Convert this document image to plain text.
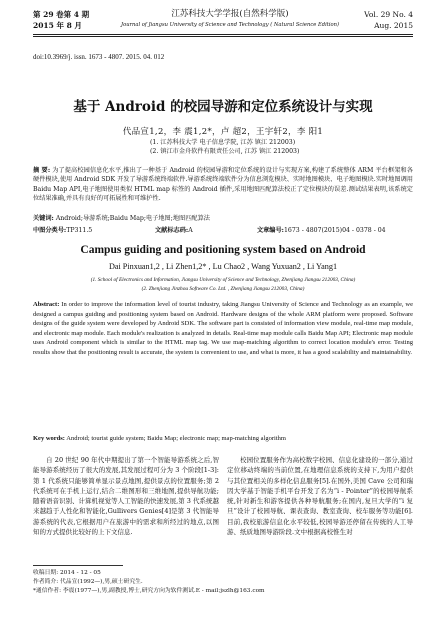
第 29 卷第 4 期
2015 年 8 月
江苏科技大学学报(自然科学版)
Journal of Jiangsu University of Science and Technology ( Natural Science Edition)
Vol. 29 No. 4
Aug. 2015
doi:10.3969/j. issn. 1673 - 4807. 2015. 04. 012
基于 Android 的校园导游和定位系统设计与实现
代品宣1,2，李 震1,2*，卢 超2，王宇轩2，李 阳1
(1. 江苏科技大学 电子信息学院, 江苏 镇江 212003)
(2. 镇江市金舟软件有限责任公司, 江苏 镇江 212003)
摘 要: 为了提高校园信息化水平,推出了一种基于 Android 的校园导游和定位系统的设计与实现方案,构建了系统整体 ARM 平台框架和各硬件模块,使用 Android SDK 开发了导游系统终端软件.导游系统终端软件分为信息浏览模块、实时地图模块、电子地图模块.实时地图调用 Baidu Map API,电子地图使用类似 HTML map 标签的 Android 插件,采用地图匹配算法校正了定位模块的误差.测试结果表明,该系统定位结果准确,并具有良好的可拓展性和可维护性.
关键词: Android;导游系统;Baidu Map;电子地图;地图匹配算法
中图分类号:TP311.5	文献标志码:A	文章编号:1673 - 4807(2015)04 - 0378 - 04
Campus guiding and positioning system based on Android
Dai Pinxuan1,2 , Li Zhen1,2* , Lu Chao2 , Wang Yuxuan2 , Li Yang1
(1. School of Electronics and Information, Jiangsu University of Science and Technology, Zhenjiang Jiangsu 212003, China)
(2. Zhenjiang Jinzhou Software Co. Ltd. , Zhenjiang Jiangsu 212003, China)
Abstract: In order to improve the information level of tourist industry, taking Jiangsu University of Science and Technology as an example, we designed a campus guiding and positioning system based on Android. Hardware designs of the whole ARM platform were proposed. Software designs of the guide system were developed by Android SDK. The software part is consisted of information view module, real-time map module, and electronic map module. Each module's realization is analyzed in details. Real-time map module calls Baidu Map API; Electronic map module uses Android component which is similar to the HTML map tag. We use map-matching algorithm to correct location module's error. Testing results show that the positioning result is accurate, the system is convenient to use, and what is more, it has a good scalability and maintainability.
Key words: Android; tourist guide system; Baidu Map; electronic map; map-matching algorithm
自 20 世纪 90 年代中期提出了第一个智能导游系统之后,智能导游系统经历了很大的发展,其发展过程可分为 3 个阶段[1-3]:第 1 代系统只能够简单显示景点地图,提供景点的位置服务;第 2 代系统可在手机上运行,结合二维图形和三维地图,提供导航功能;随着语音识别、计算机视觉等人工智能的快速发展,第 3 代系统越来越趋于人性化和智能化,Gullivers Genies[4]是第 3 代智能导游系统的代表,它根据用户在旅游中的需求和所经过的地点,以图知的方式提供比较好的上下文信息.
校园位置服务作为高校数字校园、信息化建设的一部分,通过定位移动终端的当前位置,在地理信息系统的支持下,为用户提供与其位置相关的多样化信息服务[5].在国外,美国 Cave 公司和瑞因大学基于智能手机平台开发了名为“i - Pointer”的校园导航系统,针对新生和游客提供各种导航服务;在国内,复旦大学的“i 复旦”设计了校园导航、课表查询、教室查询、校车服务等功能[6].目前,我校旅游信息化水平较低,校园导游还停留在传统的人工导游、纸质地图导游阶段.文中根据高校惟生对
收稿日期: 2014 - 12 - 05
作者简介: 代品宣(1992—),男,硕士研究生.
*通信作者: 李震(1977—),男,副教授,博士,研究方向为软件测试.E - mail:jszlh@163.com
